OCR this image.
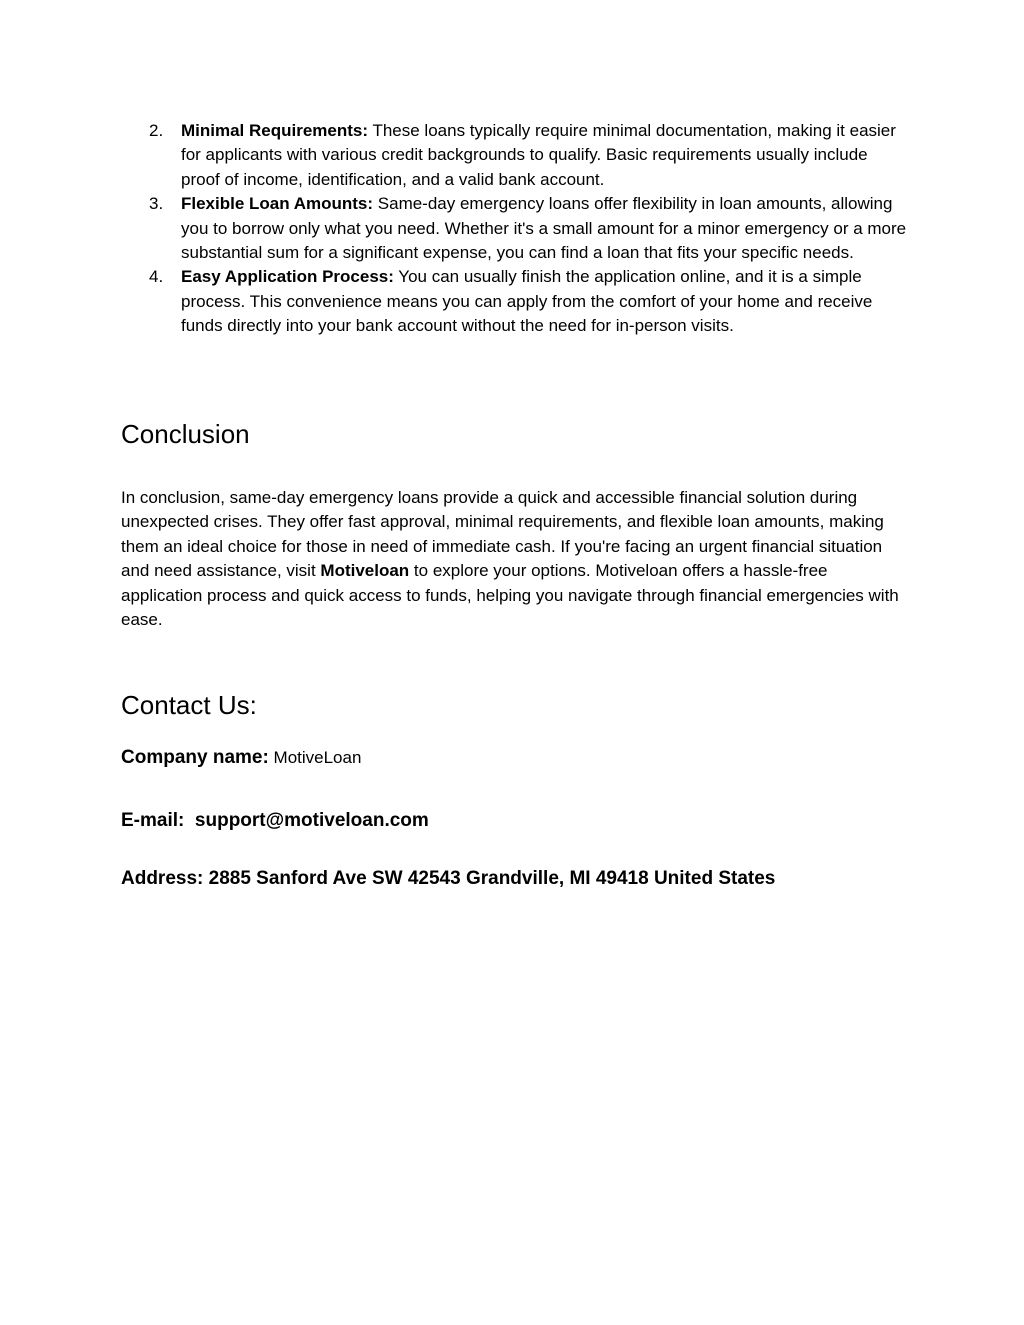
2. Minimal Requirements: These loans typically require minimal documentation, making it easier for applicants with various credit backgrounds to qualify. Basic requirements usually include proof of income, identification, and a valid bank account.
3. Flexible Loan Amounts: Same-day emergency loans offer flexibility in loan amounts, allowing you to borrow only what you need. Whether it's a small amount for a minor emergency or a more substantial sum for a significant expense, you can find a loan that fits your specific needs.
4. Easy Application Process: You can usually finish the application online, and it is a simple process. This convenience means you can apply from the comfort of your home and receive funds directly into your bank account without the need for in-person visits.
Conclusion

In conclusion, same-day emergency loans provide a quick and accessible financial solution during unexpected crises. They offer fast approval, minimal requirements, and flexible loan amounts, making them an ideal choice for those in need of immediate cash. If you're facing an urgent financial situation and need assistance, visit Motiveloan to explore your options. Motiveloan offers a hassle-free application process and quick access to funds, helping you navigate through financial emergencies with ease.

Contact Us:

Company name: MotiveLoan

E-mail: support@motiveloan.com

Address: 2885 Sanford Ave SW 42543 Grandville, MI 49418 United States
